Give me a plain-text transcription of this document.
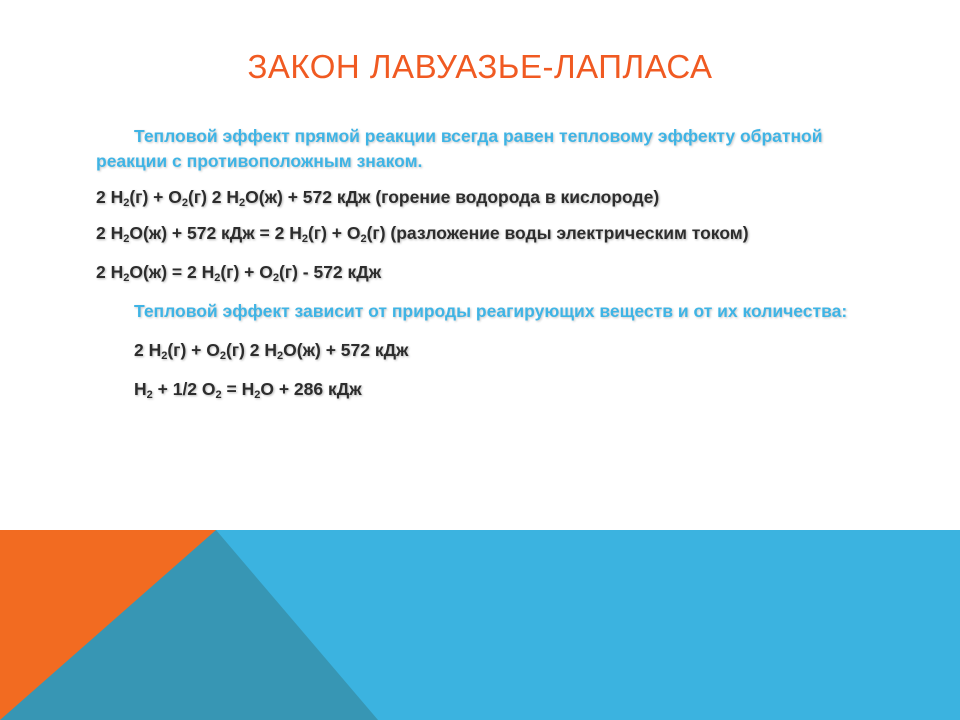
ЗАКОН ЛАВУАЗЬЕ-ЛАПЛАСА

Тепловой эффект прямой реакции всегда равен тепловому эффекту обратной реакции с противоположным знаком.

2 $H_2(г) + O_2(г)$ 2 $H_2O(ж) + 572$ кДж (горение водорода в кислороде)

2 $H_2O(ж) + 572$ кДж = 2 $H_2(г) + O_2(г)$ (разложение воды электрическим током)

2 $H_2O(ж) = 2$ $H_2(г) + O_2(г) - 572$ кДж

Тепловой эффект зависит от природы реагирующих веществ и от их количества:

2 $H_2(г) + O_2(г)$ 2 $H_2O(ж) + 572$ кДж

$H_2 + 1/2$ $O_2 = H_2O + 286$ кДж
